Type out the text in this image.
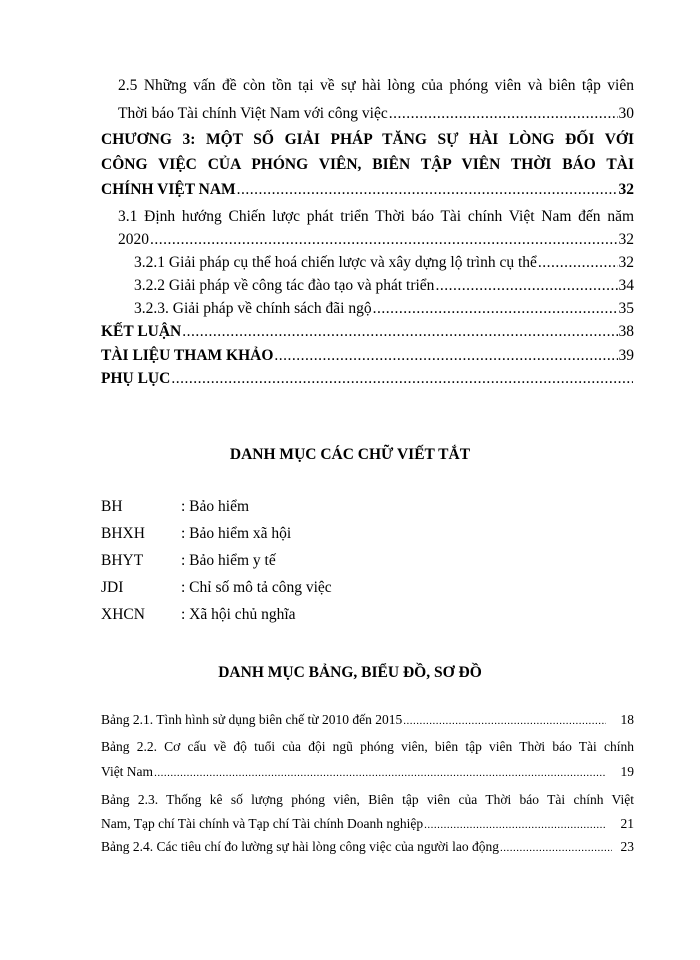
2.5 Những vấn đề còn tồn tại về sự hài lòng của phóng viên và biên tập viên
Thời báo Tài chính Việt Nam với công việc .....	30
CHƯƠNG 3: MỘT SỐ GIẢI PHÁP TĂNG SỰ HÀI LÒNG ĐỐI VỚI
CÔNG VIỆC CỦA PHÓNG VIÊN, BIÊN TẬP VIÊN THỜI BÁO TÀI
CHÍNH VIỆT NAM .....	32
3.1 Định hướng Chiến lược phát triển Thời báo Tài chính Việt Nam đến năm
2020 .....	32
3.2.1 Giải pháp cụ thể hoá chiến lược và xây dựng lộ trình cụ thể .....	32
3.2.2 Giải pháp về công tác đào tạo và phát triển .....	34
3.2.3. Giải pháp về chính sách đãi ngộ .....	35
KẾT LUẬN .....	38
TÀI LIỆU THAM KHẢO .....	39
PHỤ LỤC
.....
DANH MỤC CÁC CHỮ VIẾT TẮT
BH	: Bảo hiểm
BHXH	: Bảo hiểm xã hội
BHYT	: Bảo hiểm y tế
JDI	: Chỉ số mô tả công việc
XHCN	: Xã hội chủ nghĩa
DANH MỤC BẢNG, BIỂU ĐỒ, SƠ ĐỒ
Bảng 2.1. Tình hình sử dụng biên chế từ 2010 đến 2015 .....	18
Bảng 2.2. Cơ cấu về độ tuổi của đội ngũ phóng viên, biên tập viên Thời báo Tài chính
Việt Nam .....	19
Bảng 2.3. Thống kê số lượng phóng viên, Biên tập viên của Thời báo Tài chính Việt
Nam, Tạp chí Tài chính và Tạp chí Tài chính Doanh nghiệp .....	21
Bảng 2.4. Các tiêu chí đo lường sự hài lòng công việc của người lao động .....	23
